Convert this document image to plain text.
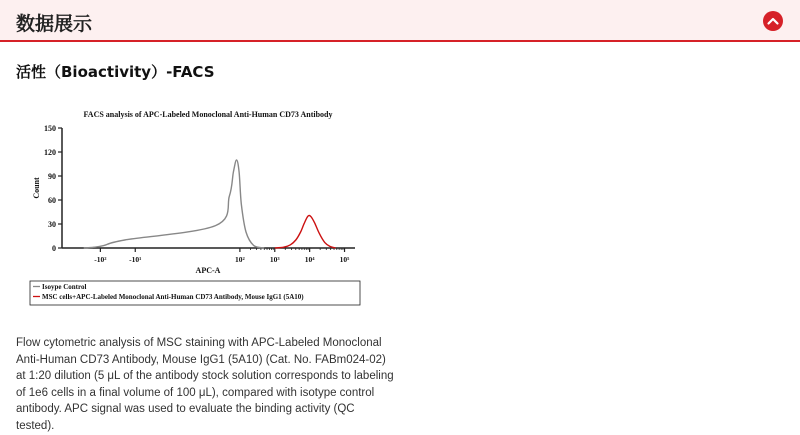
数据展示
活性（Bioactivity）-FACS
FACS analysis of APC-Labeled Monoclonal Anti-Human CD73 Antibody
0
30
60
90
120
150
-10²	-10¹	10²	10³	10⁴	10⁵
APC-A
Count
Isoype Control
MSC cells+APC-Labeled Monoclonal Anti-Human CD73 Antibody, Mouse IgG1 (5A10)
Flow cytometric analysis of MSC staining with APC-Labeled Monoclonal Anti-Human CD73 Antibody, Mouse IgG1 (5A10) (Cat. No. FABm024-02) at 1:20 dilution (5 μL of the antibody stock solution corresponds to labeling of 1e6 cells in a final volume of 100 μL), compared with isotype control antibody. APC signal was used to evaluate the binding activity (QC tested).
